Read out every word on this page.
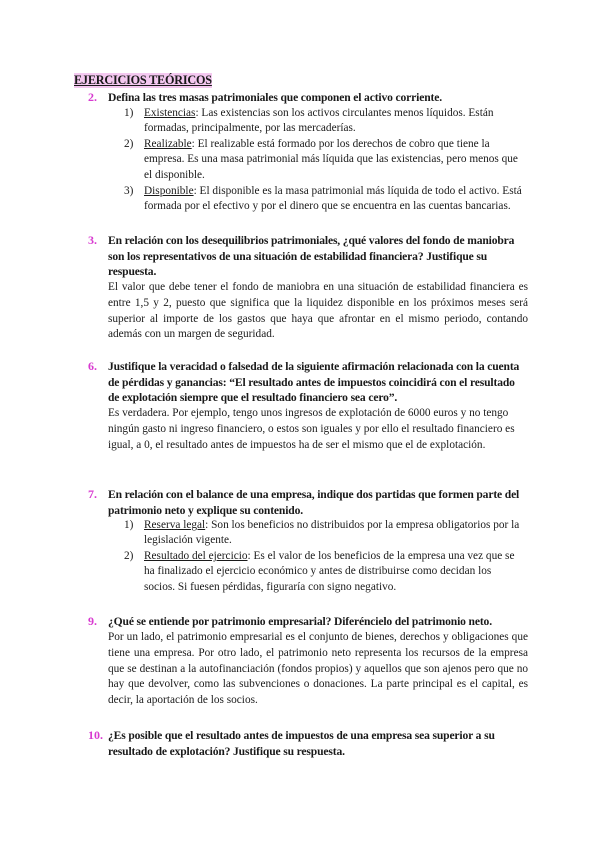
EJERCICIOS TEÓRICOS
2. Defina las tres masas patrimoniales que componen el activo corriente.
1) Existencias: Las existencias son los activos circulantes menos líquidos. Están formadas, principalmente, por las mercaderías.
2) Realizable: El realizable está formado por los derechos de cobro que tiene la empresa. Es una masa patrimonial más líquida que las existencias, pero menos que el disponible.
3) Disponible: El disponible es la masa patrimonial más líquida de todo el activo. Está formada por el efectivo y por el dinero que se encuentra en las cuentas bancarias.
3. En relación con los desequilibrios patrimoniales, ¿qué valores del fondo de maniobra son los representativos de una situación de estabilidad financiera? Justifique su respuesta.
El valor que debe tener el fondo de maniobra en una situación de estabilidad financiera es entre 1,5 y 2, puesto que significa que la liquidez disponible en los próximos meses será superior al importe de los gastos que haya que afrontar en el mismo periodo, contando además con un margen de seguridad.
6. Justifique la veracidad o falsedad de la siguiente afirmación relacionada con la cuenta de pérdidas y ganancias: “El resultado antes de impuestos coincidirá con el resultado de explotación siempre que el resultado financiero sea cero”.
Es verdadera. Por ejemplo, tengo unos ingresos de explotación de 6000 euros y no tengo ningún gasto ni ingreso financiero, o estos son iguales y por ello el resultado financiero es igual, a 0, el resultado antes de impuestos ha de ser el mismo que el de explotación.
7. En relación con el balance de una empresa, indique dos partidas que formen parte del patrimonio neto y explique su contenido.
1) Reserva legal: Son los beneficios no distribuidos por la empresa obligatorios por la legislación vigente.
2) Resultado del ejercicio: Es el valor de los beneficios de la empresa una vez que se ha finalizado el ejercicio económico y antes de distribuirse como decidan los socios. Si fuesen pérdidas, figuraría con signo negativo.
9. ¿Qué se entiende por patrimonio empresarial? Diferéncielo del patrimonio neto.
Por un lado, el patrimonio empresarial es el conjunto de bienes, derechos y obligaciones que tiene una empresa. Por otro lado, el patrimonio neto representa los recursos de la empresa que se destinan a la autofinanciación (fondos propios) y aquellos que son ajenos pero que no hay que devolver, como las subvenciones o donaciones. La parte principal es el capital, es decir, la aportación de los socios.
10. ¿Es posible que el resultado antes de impuestos de una empresa sea superior a su resultado de explotación? Justifique su respuesta.
